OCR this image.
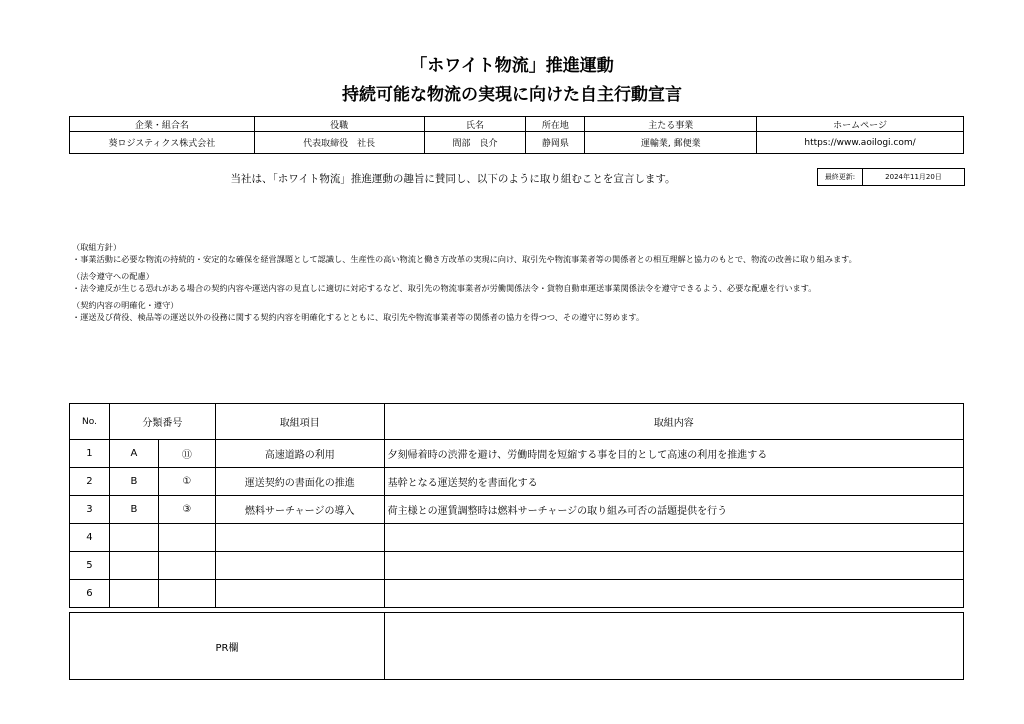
「ホワイト物流」推進運動
持続可能な物流の実現に向けた自主行動宣言
企業・組合名	役職	氏名	所在地	主たる事業	ホームページ
葵ロジスティクス株式会社	代表取締役　社長	間部　良介	静岡県	運輸業, 郵便業	https://www.aoilogi.com/
当社は、「ホワイト物流」推進運動の趣旨に賛同し、以下のように取り組むことを宣言します。	最終更新:	2024年11月20日
（取組方針）
・事業活動に必要な物流の持続的・安定的な確保を経営課題として認識し、生産性の高い物流と働き方改革の実現に向け、取引先や物流事業者等の関係者との相互理解と協力のもとで、物流の改善に取り組みます。
（法令遵守への配慮）
・法令違反が生じる恐れがある場合の契約内容や運送内容の見直しに適切に対応するなど、取引先の物流事業者が労働関係法令・貨物自動車運送事業関係法令を遵守できるよう、必要な配慮を行います。
（契約内容の明確化・遵守）
・運送及び荷役、検品等の運送以外の役務に関する契約内容を明確化するとともに、取引先や物流事業者等の関係者の協力を得つつ、その遵守に努めます。
No.	分類番号		取組項目	取組内容
1	A	⑪	高速道路の利用	夕刻帰着時の渋滞を避け、労働時間を短縮する事を目的として高速の利用を推進する
2	B	①	運送契約の書面化の推進	基幹となる運送契約を書面化する
3	B	③	燃料サーチャージの導入	荷主様との運賃調整時は燃料サーチャージの取り組み可否の話題提供を行う
4				
5				
6				
PR欄	
